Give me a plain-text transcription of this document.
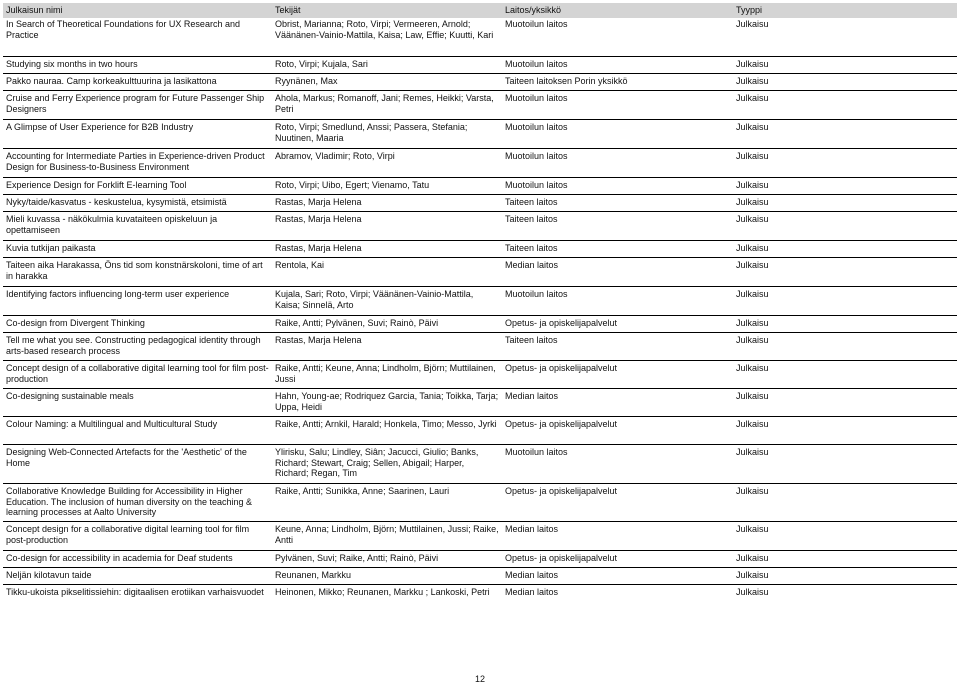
Julkaisun nimi	Tekijät	Laitos/yksikkö	Tyyppi
In Search of Theoretical Foundations for UX Research and Practice	Obrist, Marianna; Roto, Virpi; Vermeeren, Arnold; Väänänen-Vainio-Mattila, Kaisa; Law, Effie; Kuutti, Kari	Muotoilun laitos	Julkaisu
Studying six months in two hours	Roto, Virpi; Kujala, Sari	Muotoilun laitos	Julkaisu
Pakko nauraa. Camp korkeakulttuurina ja lasikattona	Ryynänen, Max	Taiteen laitoksen Porin yksikkö	Julkaisu
Cruise and Ferry Experience program for Future Passenger Ship Designers	Ahola, Markus; Romanoff, Jani; Remes, Heikki; Varsta, Petri	Muotoilun laitos	Julkaisu
A Glimpse of User Experience for B2B Industry	Roto, Virpi; Smedlund, Anssi; Passera, Stefania; Nuutinen, Maaria	Muotoilun laitos	Julkaisu
Accounting for Intermediate Parties in Experience-driven Product Design for Business-to-Business Environment	Abramov, Vladimir; Roto, Virpi	Muotoilun laitos	Julkaisu
Experience Design for Forklift E-learning Tool	Roto, Virpi; Uibo, Egert; Vienamo, Tatu	Muotoilun laitos	Julkaisu
Nyky/taide/kasvatus - keskustelua, kysymistä, etsimistä	Rastas, Marja Helena	Taiteen laitos	Julkaisu
Mieli kuvassa - näkökulmia kuvataiteen opiskeluun ja opettamiseen	Rastas, Marja Helena	Taiteen laitos	Julkaisu
Kuvia tutkijan paikasta	Rastas, Marja Helena	Taiteen laitos	Julkaisu
Taiteen aika Harakassa, Öns tid som konstnärskoloni, time of art in harakka	Rentola, Kai	Median laitos	Julkaisu
Identifying factors influencing long-term user experience	Kujala, Sari; Roto, Virpi; Väänänen-Vainio-Mattila, Kaisa; Sinnelä, Arto	Muotoilun laitos	Julkaisu
Co-design from Divergent Thinking	Raike, Antti; Pylvänen, Suvi; Rainò, Päivi	Opetus- ja opiskelijapalvelut	Julkaisu
Tell me what you see. Constructing pedagogical identity through arts-based research process	Rastas, Marja Helena	Taiteen laitos	Julkaisu
Concept design of a collaborative digital learning tool for film post-production	Raike, Antti; Keune, Anna; Lindholm, Björn; Muttilainen, Jussi	Opetus- ja opiskelijapalvelut	Julkaisu
Co-designing sustainable meals	Hahn, Young-ae; Rodriquez Garcia, Tania; Toikka, Tarja; Uppa, Heidi	Median laitos	Julkaisu
Colour Naming: a Multilingual and Multicultural Study	Raike, Antti; Arnkil, Harald; Honkela, Timo; Messo, Jyrki	Opetus- ja opiskelijapalvelut	Julkaisu
Designing Web-Connected Artefacts for the 'Aesthetic' of the Home	Ylirisku, Salu; Lindley, Siân; Jacucci, Giulio; Banks, Richard; Stewart, Craig; Sellen, Abigail; Harper, Richard; Regan, Tim	Muotoilun laitos	Julkaisu
Collaborative Knowledge Building for Accessibility in Higher Education. The inclusion of human diversity on the teaching & learning processes at Aalto University	Raike, Antti; Sunikka, Anne; Saarinen, Lauri	Opetus- ja opiskelijapalvelut	Julkaisu
Concept design for a collaborative digital learning tool for film post-production	Keune, Anna; Lindholm, Björn; Muttilainen, Jussi; Raike, Antti	Median laitos	Julkaisu
Co-design for accessibility in academia for Deaf students	Pylvänen, Suvi; Raike, Antti; Rainò, Päivi	Opetus- ja opiskelijapalvelut	Julkaisu
Neljän kilotavun taide	Reunanen, Markku	Median laitos	Julkaisu
Tikku-ukoista pikselitissiehin: digitaalisen erotiikan varhaisvuodet	Heinonen, Mikko; Reunanen, Markku ; Lankoski, Petri	Median laitos	Julkaisu
12
